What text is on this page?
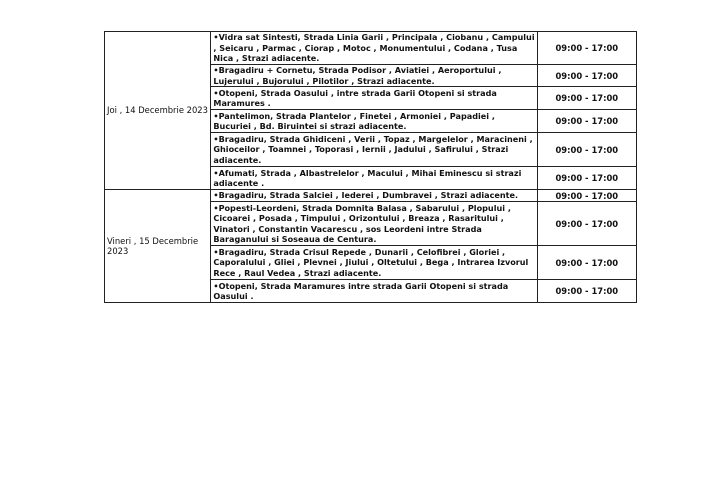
Joi , 14 Decembrie 2023	•Vidra sat Sintesti, Strada Linia Garii , Principala , Ciobanu , Campului , Seicaru , Parmac , Ciorap , Motoc , Monumentului , Codana , Tusa Nica , Strazi adiacente.	09:00 - 17:00
	•Bragadiru + Cornetu, Strada Podisor , Aviatiei , Aeroportului , Lujerului , Bujorului , Pilotilor , Strazi adiacente.	09:00 - 17:00
	•Otopeni, Strada Oasului , intre strada Garii Otopeni si strada Maramures .	09:00 - 17:00
	•Pantelimon, Strada Plantelor , Finetei , Armoniei , Papadiei , Bucuriei , Bd. Biruintei si strazi adiacente.	09:00 - 17:00
	•Bragadiru, Strada Ghidiceni , Verii , Topaz , Margelelor , Maracineni , Ghioceilor , Toamnei , Toporasi , Iernii , Jadului , Safirului , Strazi adiacente.	09:00 - 17:00
	•Afumati, Strada , Albastrelelor , Macului , Mihai Eminescu si strazi adiacente .	09:00 - 17:00
Vineri , 15 Decembrie 2023	•Bragadiru, Strada Salciei , Iederei , Dumbravei , Strazi adiacente.	09:00 - 17:00
	•Popesti-Leordeni, Strada Domnita Balasa , Sabarului , Plopului , Cicoarei , Posada , Timpului , Orizontului , Breaza , Rasaritului , Vinatori , Constantin Vacarescu , sos Leordeni intre Strada Baraganului si Soseaua de Centura.	09:00 - 17:00
	•Bragadiru, Strada Crisul Repede , Dunarii , Celofibrei , Gloriei , Caporalului , Gliei , Plevnei , Jiului , Oltetului , Bega , Intrarea Izvorul Rece , Raul Vedea , Strazi adiacente.	09:00 - 17:00
	•Otopeni, Strada Maramures intre strada Garii Otopeni si strada Oasului .	09:00 - 17:00
